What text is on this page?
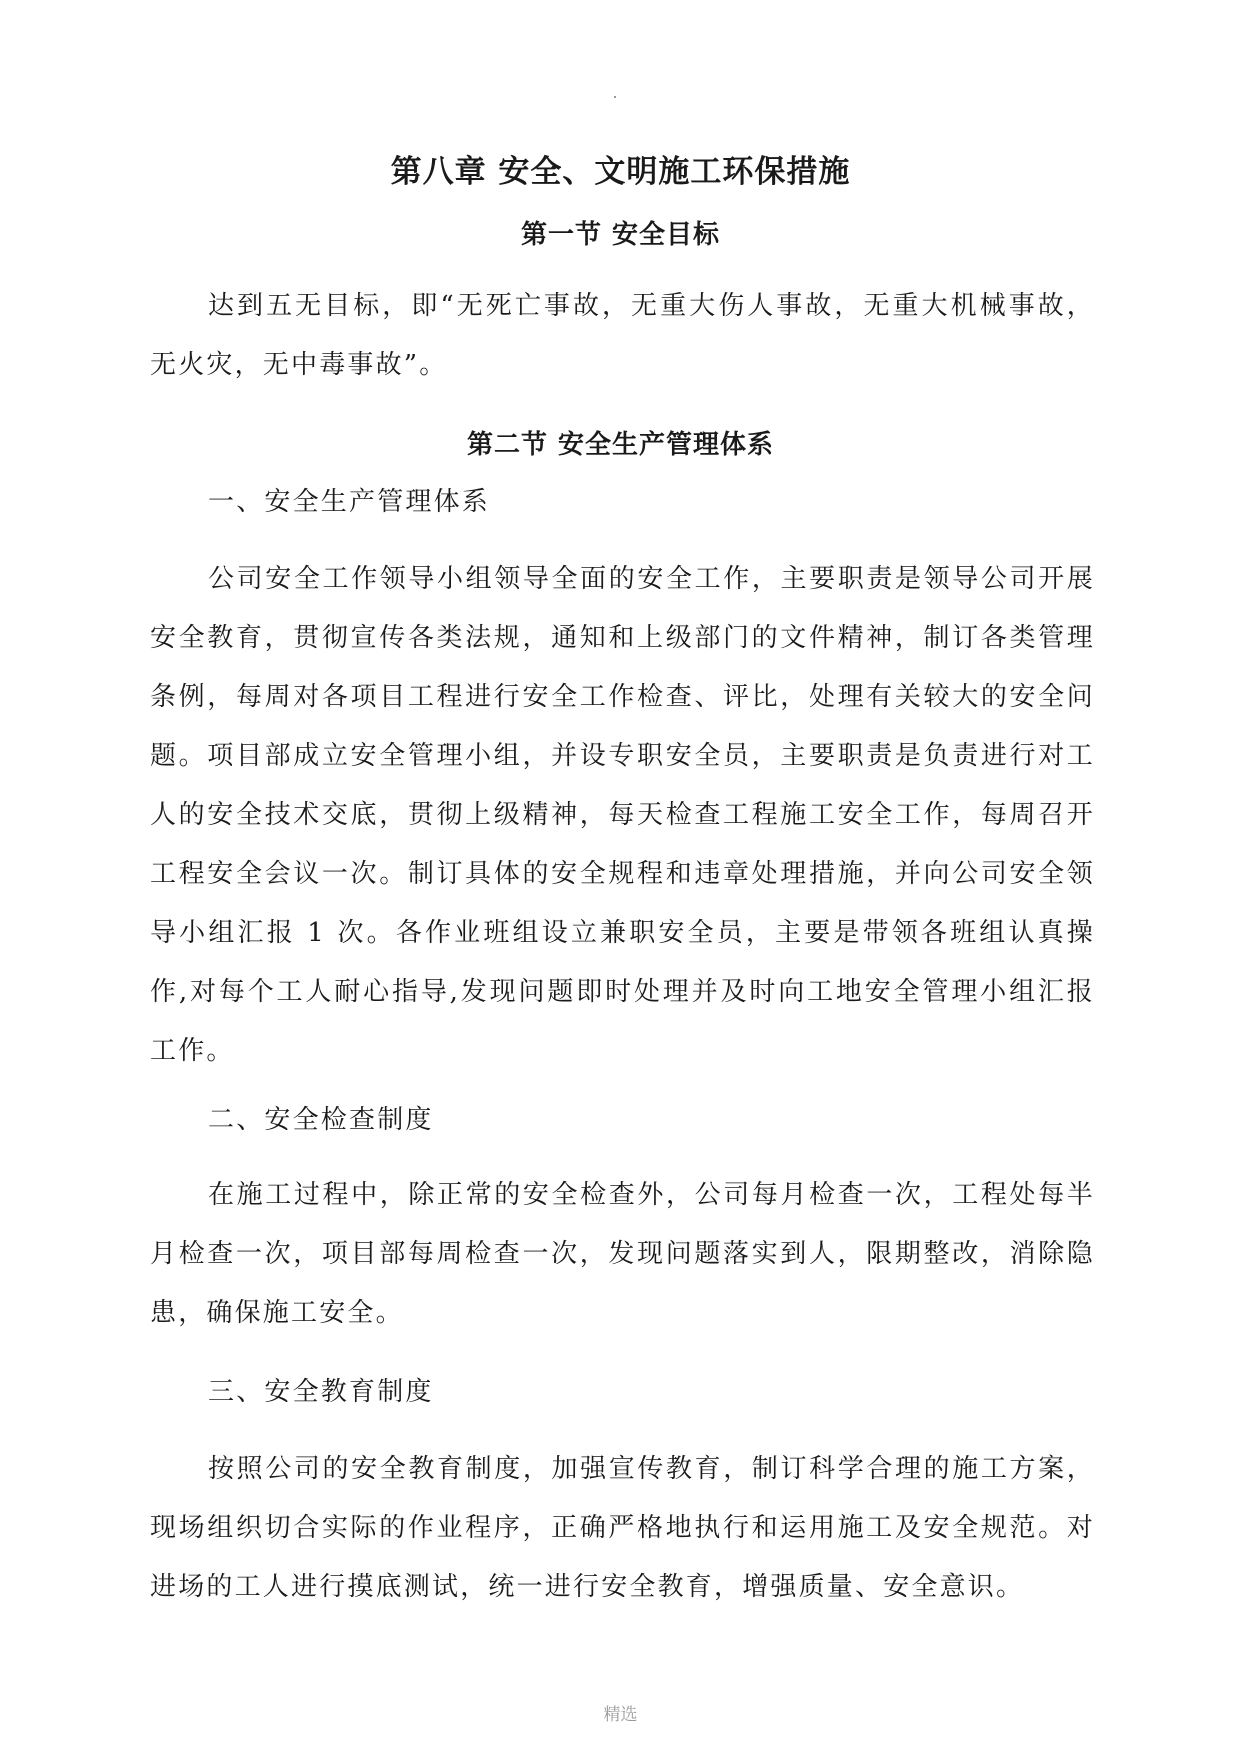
第八章 安全、文明施工环保措施
第一节 安全目标

达到五无目标，即“无死亡事故，无重大伤人事故，无重大机械事故，无火灾，无中毒事故”。

第二节 安全生产管理体系
一、安全生产管理体系

公司安全工作领导小组领导全面的安全工作，主要职责是领导公司开展安全教育，贯彻宣传各类法规，通知和上级部门的文件精神，制订各类管理条例，每周对各项目工程进行安全工作检查、评比，处理有关较大的安全问题。项目部成立安全管理小组，并设专职安全员，主要职责是负责进行对工人的安全技术交底，贯彻上级精神，每天检查工程施工安全工作，每周召开工程安全会议一次。制订具体的安全规程和违章处理措施，并向公司安全领导小组汇报 1 次。各作业班组设立兼职安全员，主要是带领各班组认真操作,对每个工人耐心指导,发现问题即时处理并及时向工地安全管理小组汇报工作。

二、安全检查制度

在施工过程中，除正常的安全检查外，公司每月检查一次，工程处每半月检查一次，项目部每周检查一次，发现问题落实到人，限期整改，消除隐患，确保施工安全。

三、安全教育制度

按照公司的安全教育制度，加强宣传教育，制订科学合理的施工方案，现场组织切合实际的作业程序，正确严格地执行和运用施工及安全规范。对进场的工人进行摸底测试，统一进行安全教育，增强质量、安全意识。

精选
